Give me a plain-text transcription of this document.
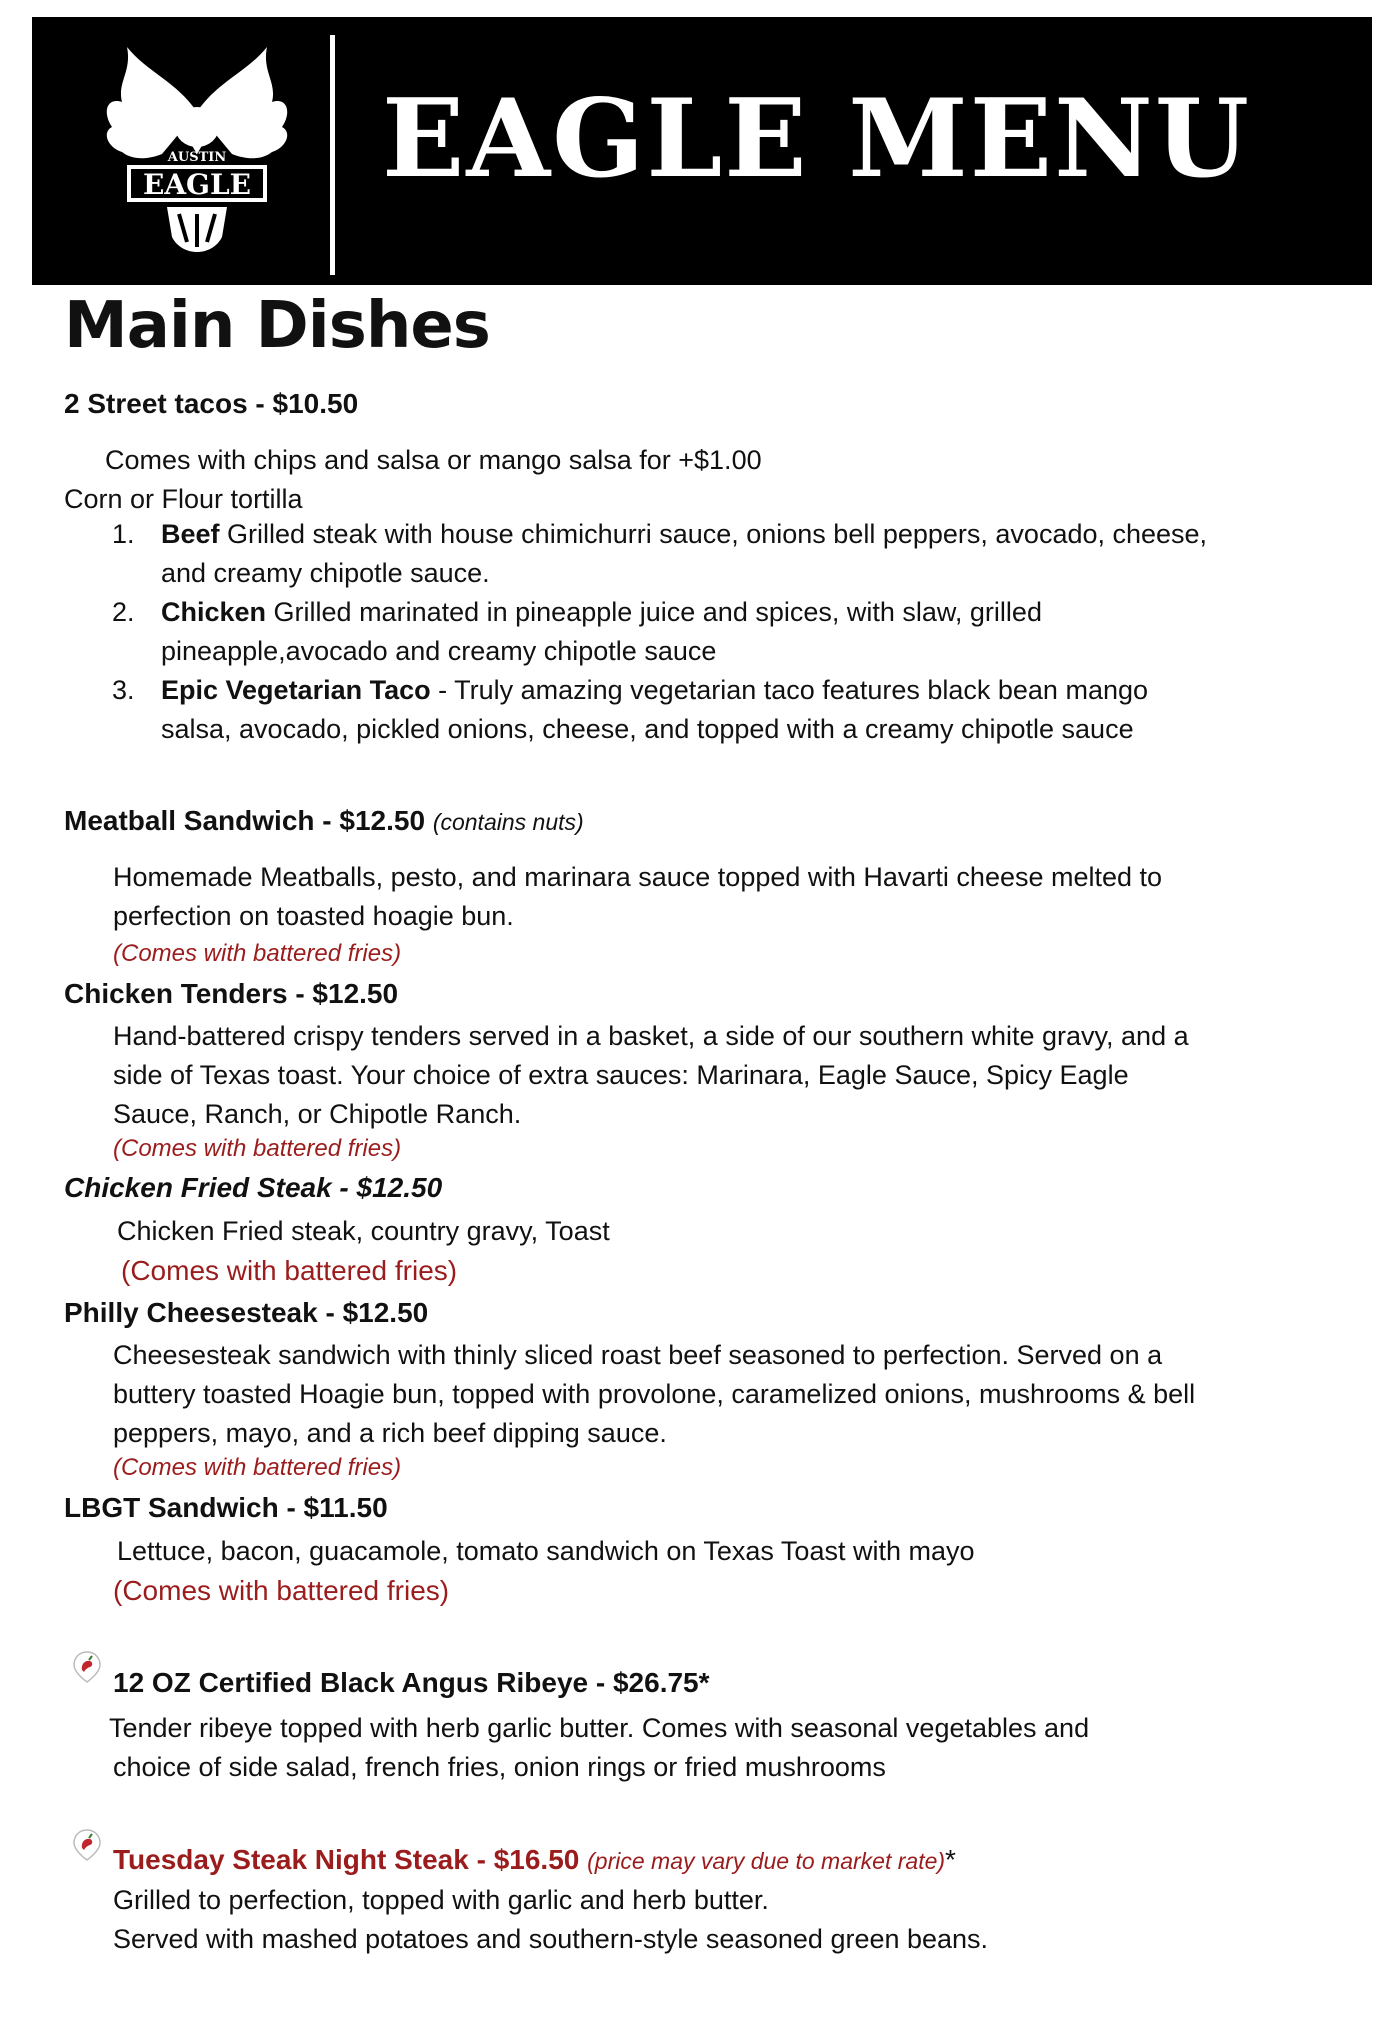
AUSTIN
EAGLE EAGLE MENU
Main Dishes
2 Street tacos - $10.50
Comes with chips and salsa or mango salsa for +$1.00
Corn or Flour tortilla
1. Beef Grilled steak with house chimichurri sauce, onions bell peppers, avocado, cheese,
and creamy chipotle sauce.
2. Chicken Grilled marinated in pineapple juice and spices, with slaw, grilled
pineapple,avocado and creamy chipotle sauce
3. Epic Vegetarian Taco - Truly amazing vegetarian taco features black bean mango
salsa, avocado, pickled onions, cheese, and topped with a creamy chipotle sauce
Meatball Sandwich - $12.50 (contains nuts)
Homemade Meatballs, pesto, and marinara sauce topped with Havarti cheese melted to
perfection on toasted hoagie bun.
(Comes with battered fries)
Chicken Tenders - $12.50
Hand-battered crispy tenders served in a basket, a side of our southern white gravy, and a
side of Texas toast. Your choice of extra sauces: Marinara, Eagle Sauce, Spicy Eagle
Sauce, Ranch, or Chipotle Ranch.
(Comes with battered fries)
Chicken Fried Steak - $12.50
Chicken Fried steak, country gravy, Toast
(Comes with battered fries)
Philly Cheesesteak - $12.50
Cheesesteak sandwich with thinly sliced roast beef seasoned to perfection. Served on a
buttery toasted Hoagie bun, topped with provolone, caramelized onions, mushrooms & bell
peppers, mayo, and a rich beef dipping sauce.
(Comes with battered fries)
LBGT Sandwich - $11.50
Lettuce, bacon, guacamole, tomato sandwich on Texas Toast with mayo
(Comes with battered fries)
12 OZ Certified Black Angus Ribeye - $26.75*
Tender ribeye topped with herb garlic butter. Comes with seasonal vegetables and
choice of side salad, french fries, onion rings or fried mushrooms
Tuesday Steak Night Steak - $16.50 (price may vary due to market rate)*
Grilled to perfection, topped with garlic and herb butter.
Served with mashed potatoes and southern-style seasoned green beans.
